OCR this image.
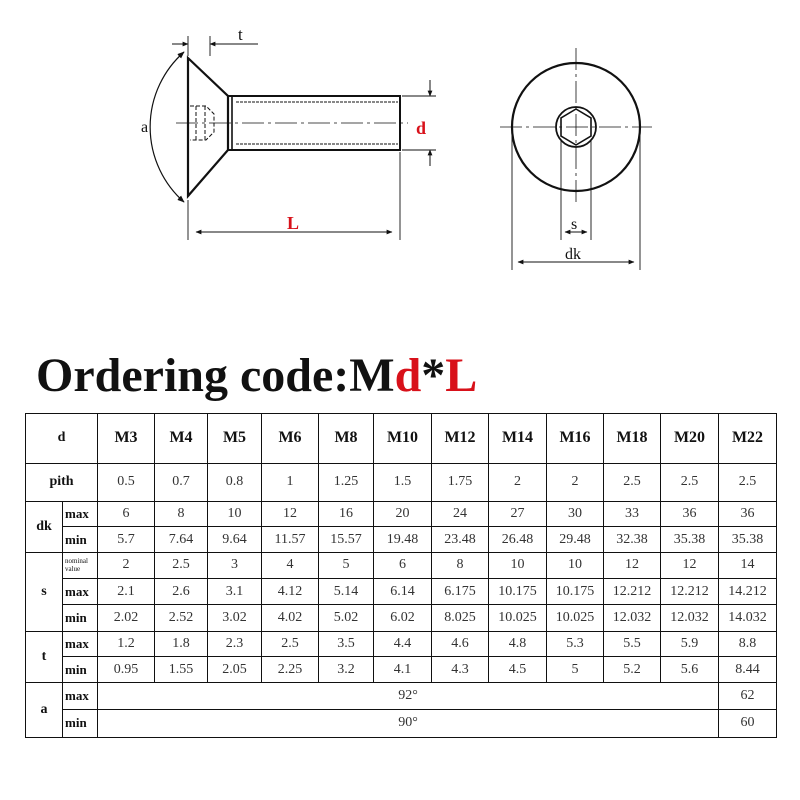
t
a	d
L	s
dk
Ordering code:Md*L
d		M3	M4	M5	M6	M8	M10	M12	M14	M16	M18	M20	M22
pith		0.5	0.7	0.8	1	1.25	1.5	1.75	2	2	2.5	2.5	2.5
dk	max	6	8	10	12	16	20	24	27	30	33	36	36
	min	5.7	7.64	9.64	11.57	15.57	19.48	23.48	26.48	29.48	32.38	35.38	35.38
s	nominal value	2	2.5	3	4	5	6	8	10	10	12	12	14
	max	2.1	2.6	3.1	4.12	5.14	6.14	6.175	10.175	10.175	12.212	12.212	14.212
	min	2.02	2.52	3.02	4.02	5.02	6.02	8.025	10.025	10.025	12.032	12.032	14.032
t	max	1.2	1.8	2.3	2.5	3.5	4.4	4.6	4.8	5.3	5.5	5.9	8.8
	min	0.95	1.55	2.05	2.25	3.2	4.1	4.3	4.5	5	5.2	5.6	8.44
a	max	92°											62
	min	90°											60
